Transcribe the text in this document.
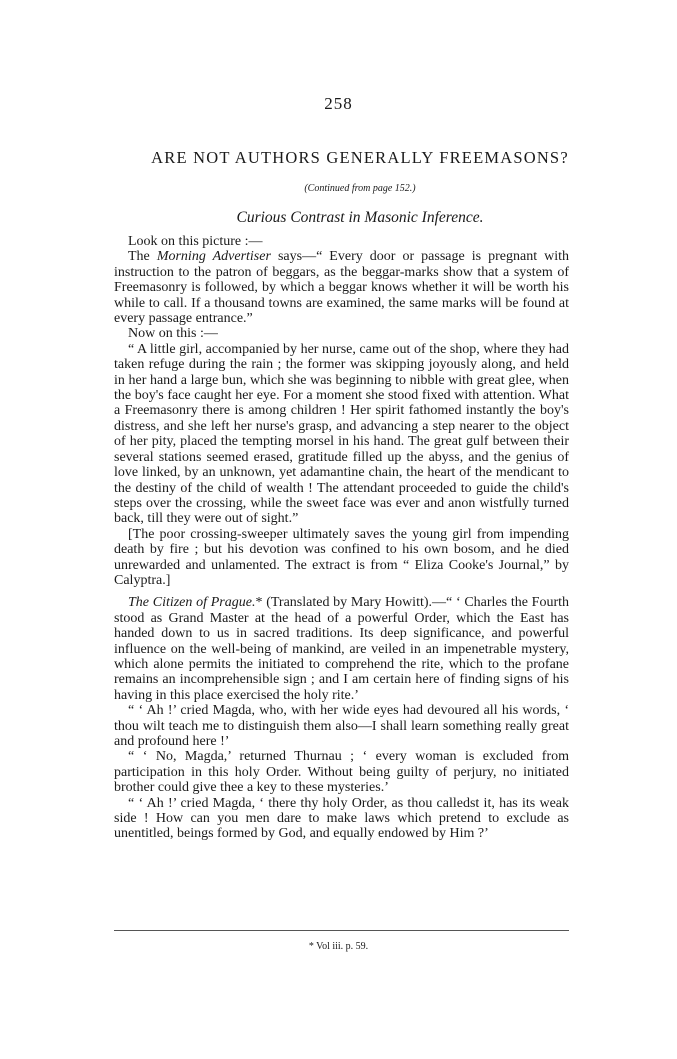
258
ARE NOT AUTHORS GENERALLY FREEMASONS?
(Continued from page 152.)
Curious Contrast in Masonic Inference.

Look on this picture :—

The Morning Advertiser says—“ Every door or passage is pregnant with instruction to the patron of beggars, as the beggar-marks show that a system of Freemasonry is followed, by which a beggar knows whether it will be worth his while to call. If a thousand towns are examined, the same marks will be found at every passage entrance.”

Now on this :—

“ A little girl, accompanied by her nurse, came out of the shop, where they had taken refuge during the rain ; the former was skipping joyously along, and held in her hand a large bun, which she was beginning to nibble with great glee, when the boy's face caught her eye. For a moment she stood fixed with attention. What a Freemasonry there is among children ! Her spirit fathomed instantly the boy's distress, and she left her nurse's grasp, and advancing a step nearer to the object of her pity, placed the tempting morsel in his hand. The great gulf between their several stations seemed erased, gratitude filled up the abyss, and the genius of love linked, by an unknown, yet adamantine chain, the heart of the mendicant to the destiny of the child of wealth ! The attendant proceeded to guide the child's steps over the crossing, while the sweet face was ever and anon wistfully turned back, till they were out of sight.”

[The poor crossing-sweeper ultimately saves the young girl from impending death by fire ; but his devotion was confined to his own bosom, and he died unrewarded and unlamented. The extract is from “ Eliza Cooke's Journal,” by Calyptra.]

The Citizen of Prague.* (Translated by Mary Howitt).—“ ‘ Charles the Fourth stood as Grand Master at the head of a powerful Order, which the East has handed down to us in sacred traditions. Its deep significance, and powerful influence on the well-being of mankind, are veiled in an impenetrable mystery, which alone permits the initiated to comprehend the rite, which to the profane remains an incomprehensible sign ; and I am certain here of finding signs of his having in this place exercised the holy rite.’

“ ‘ Ah !’ cried Magda, who, with her wide eyes had devoured all his words, ‘ thou wilt teach me to distinguish them also—I shall learn something really great and profound here !’

“ ‘ No, Magda,’ returned Thurnau ; ‘ every woman is excluded from participation in this holy Order. Without being guilty of perjury, no initiated brother could give thee a key to these mysteries.’

“ ‘ Ah !’ cried Magda, ‘ there thy holy Order, as thou calledst it, has its weak side ! How can you men dare to make laws which pretend to exclude as unentitled, beings formed by God, and equally endowed by Him ?’

* Vol iii. p. 59.
